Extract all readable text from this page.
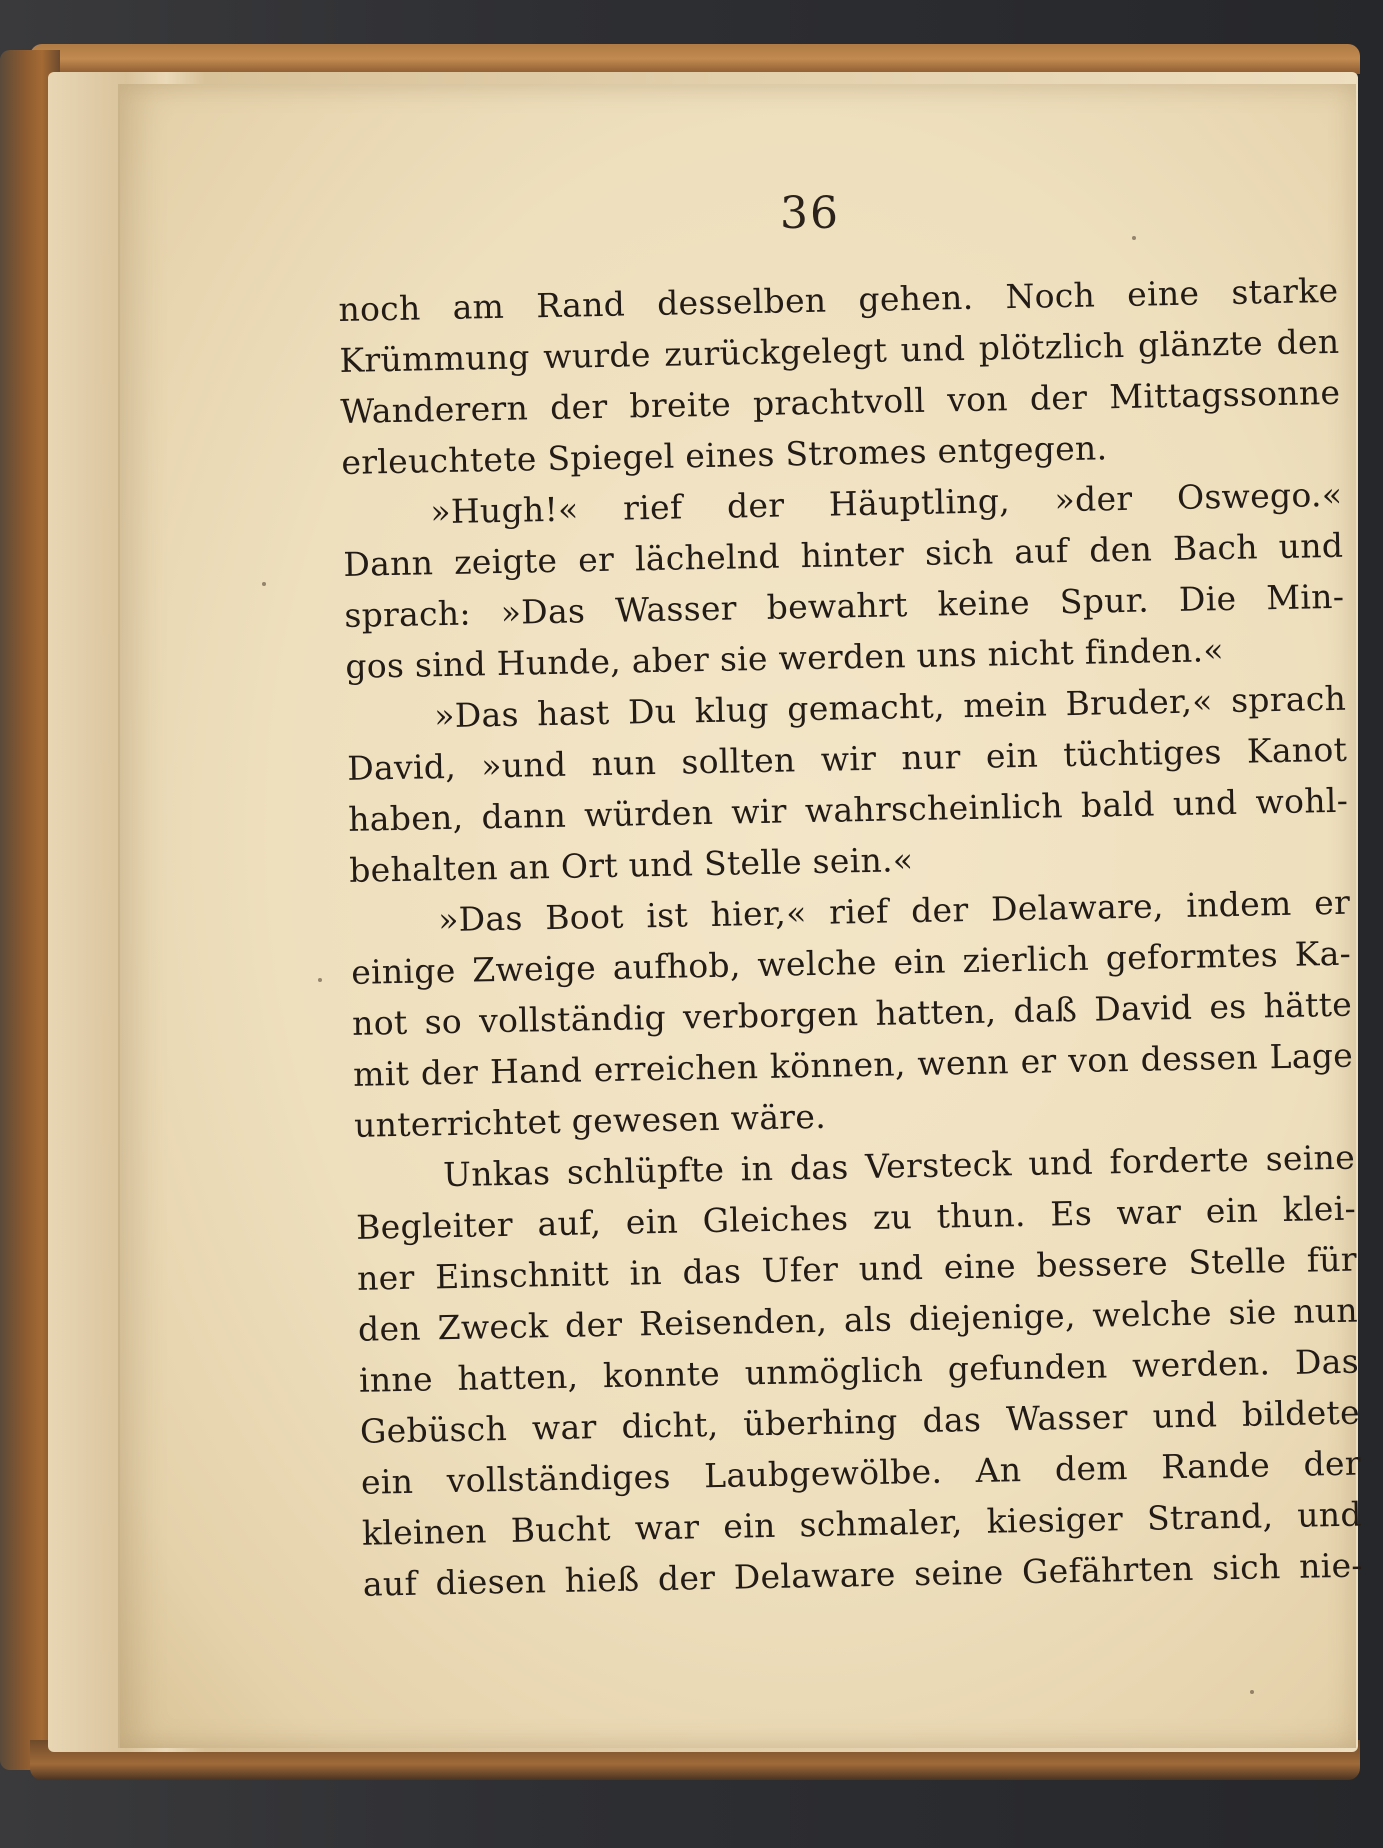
36
noch am Rand desselben gehen. Noch eine starke
Krümmung wurde zurückgelegt und plötzlich glänzte den
Wanderern der breite prachtvoll von der Mittagssonne
erleuchtete Spiegel eines Stromes entgegen.
»Hugh!« rief der Häuptling, »der Oswego.«
Dann zeigte er lächelnd hinter sich auf den Bach und
sprach: »Das Wasser bewahrt keine Spur. Die Min-
gos sind Hunde, aber sie werden uns nicht finden.«
»Das hast Du klug gemacht, mein Bruder,« sprach
David, »und nun sollten wir nur ein tüchtiges Kanot
haben, dann würden wir wahrscheinlich bald und wohl-
behalten an Ort und Stelle sein.«
»Das Boot ist hier,« rief der Delaware, indem er
einige Zweige aufhob, welche ein zierlich geformtes Ka-
not so vollständig verborgen hatten, daß David es hätte
mit der Hand erreichen können, wenn er von dessen Lage
unterrichtet gewesen wäre.
Unkas schlüpfte in das Versteck und forderte seine
Begleiter auf, ein Gleiches zu thun. Es war ein klei-
ner Einschnitt in das Ufer und eine bessere Stelle für
den Zweck der Reisenden, als diejenige, welche sie nun
inne hatten, konnte unmöglich gefunden werden. Das
Gebüsch war dicht, überhing das Wasser und bildete
ein vollständiges Laubgewölbe. An dem Rande der
kleinen Bucht war ein schmaler, kiesiger Strand, und
auf diesen hieß der Delaware seine Gefährten sich nie-
